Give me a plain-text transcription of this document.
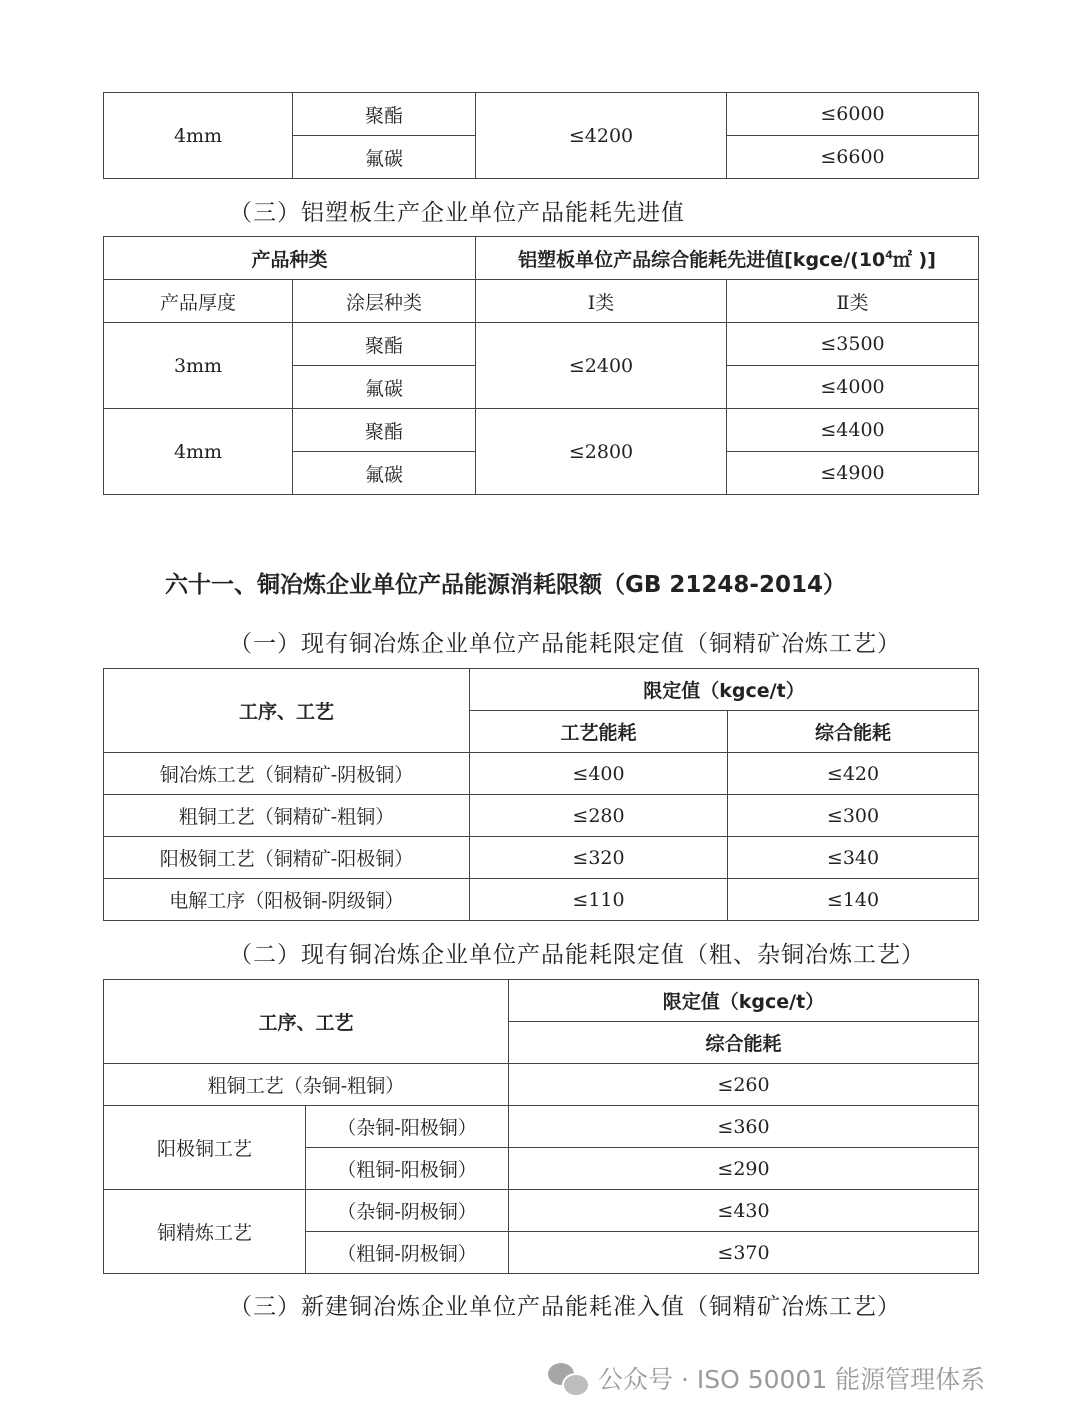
4mm	聚酯	≤4200	≤6000
	氟碳		≤6600
（三）铝塑板生产企业单位产品能耗先进值
产品种类		铝塑板单位产品综合能耗先进值[$kgce/(10^4㎡$ )]	
产品厚度	涂层种类	Ⅰ类	Ⅱ类
3mm	聚酯	≤2400	≤3500
	氟碳		≤4000
4mm	聚酯	≤2800	≤4400
	氟碳		≤4900
六十一、铜冶炼企业单位产品能源消耗限额（GB 21248-2014）
（一）现有铜冶炼企业单位产品能耗限定值（铜精矿冶炼工艺）
工序、工艺	限定值（kgce/t）	
	工艺能耗	综合能耗
铜冶炼工艺（铜精矿-阴极铜）	≤400	≤420
粗铜工艺（铜精矿-粗铜）	≤280	≤300
阳极铜工艺（铜精矿-阳极铜）	≤320	≤340
电解工序（阳极铜-阴级铜）	≤110	≤140
（二）现有铜冶炼企业单位产品能耗限定值（粗、杂铜冶炼工艺）
工序、工艺		限定值（kgce/t）
		综合能耗
粗铜工艺（杂铜-粗铜）		≤260
阳极铜工艺	（杂铜-阳极铜）	≤360
	（粗铜-阳极铜）	≤290
铜精炼工艺	（杂铜-阴极铜）	≤430
	（粗铜-阴极铜）	≤370
（三）新建铜冶炼企业单位产品能耗准入值（铜精矿冶炼工艺）
公众号 · ISO 50001 能源管理体系
